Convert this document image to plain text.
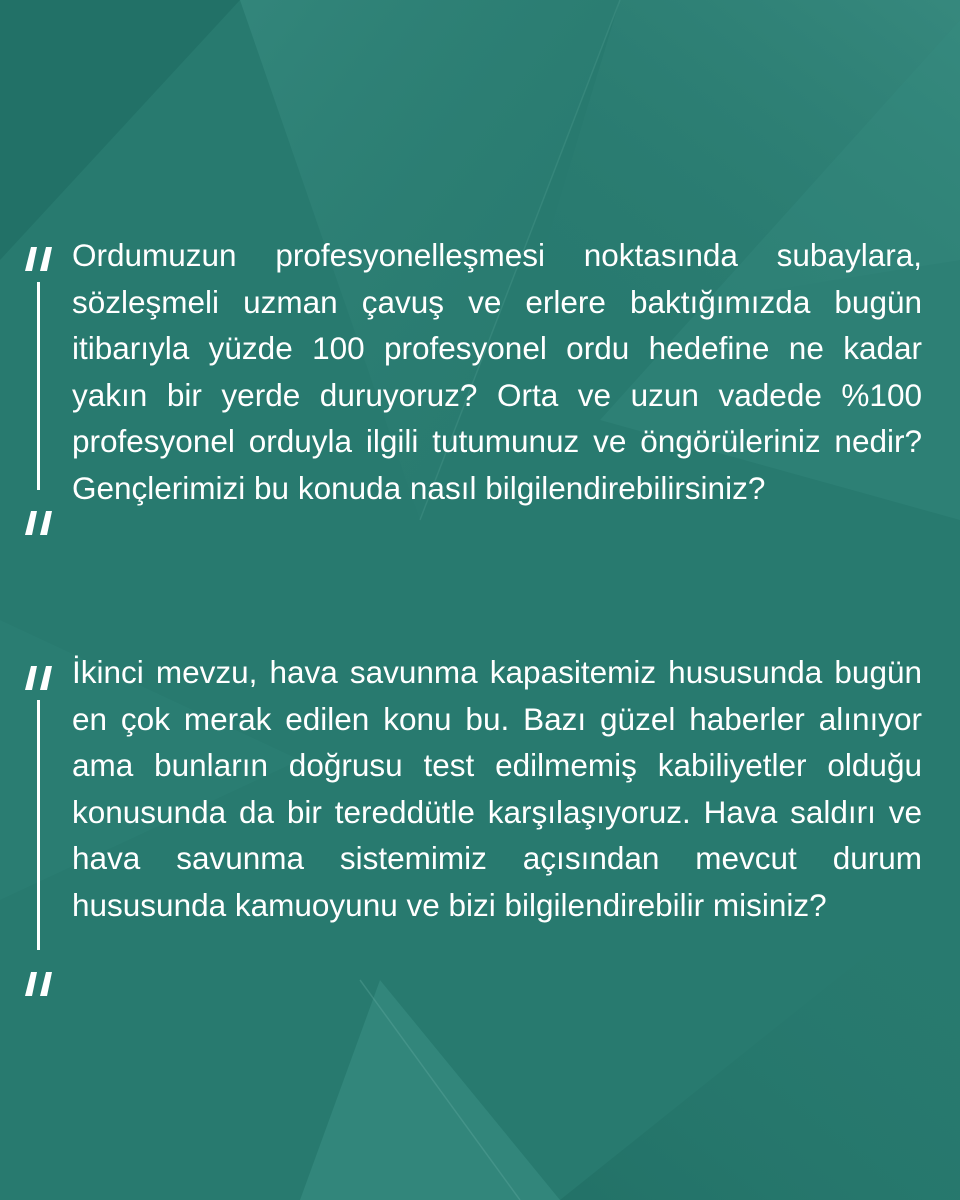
Ordumuzun profesyonelleşmesi noktasında subaylara, sözleşmeli uzman çavuş ve erlere baktığımızda bugün itibarıyla yüzde 100 profesyonel ordu hedefine ne kadar yakın bir yerde duruyoruz? Orta ve uzun vadede %100 profesyonel orduyla ilgili tutumunuz ve öngörüleriniz nedir? Gençlerimizi bu konuda nasıl bilgilendirebilirsiniz?

İkinci mevzu, hava savunma kapasitemiz hususunda bugün en çok merak edilen konu bu. Bazı güzel haberler alınıyor ama bunların doğrusu test edilmemiş kabiliyetler olduğu konusunda da bir tereddütle karşılaşıyoruz. Hava saldırı ve hava savunma sistemimiz açısından mevcut durum hususunda kamuoyunu ve bizi bilgilendirebilir misiniz?
